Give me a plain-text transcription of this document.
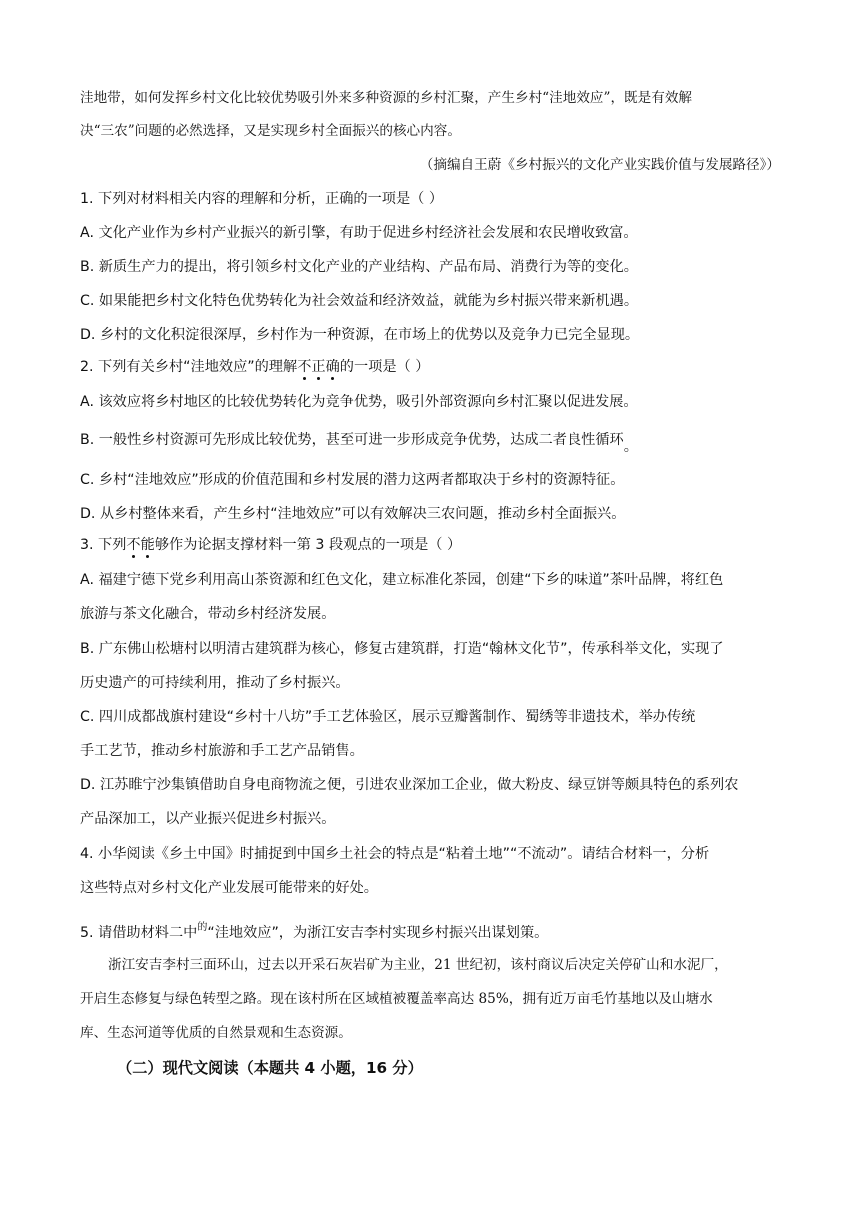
洼地带，如何发挥乡村文化比较优势吸引外来多种资源的乡村汇聚，产生乡村“洼地效应”，既是有效解
决“三农”问题的必然选择，又是实现乡村全面振兴的核心内容。
（摘编自王蔚《乡村振兴的文化产业实践价值与发展路径》）
1. 下列对材料相关内容的理解和分析，正确的一项是（ ）
A. 文化产业作为乡村产业振兴的新引擎，有助于促进乡村经济社会发展和农民增收致富。
B. 新质生产力的提出，将引领乡村文化产业的产业结构、产品布局、消费行为等的变化。
C. 如果能把乡村文化特色优势转化为社会效益和经济效益，就能为乡村振兴带来新机遇。
D. 乡村的文化积淀很深厚，乡村作为一种资源，在市场上的优势以及竞争力已完全显现。
2. 下列有关乡村“洼地效应”的理解不正确的一项是（ ）
A. 该效应将乡村地区的比较优势转化为竞争优势，吸引外部资源向乡村汇聚以促进发展。
B. 一般性乡村资源可先形成比较优势，甚至可进一步形成竞争优势，达成二者良性循环。
C. 乡村“洼地效应”形成的价值范围和乡村发展的潜力这两者都取决于乡村的资源特征。
D. 从乡村整体来看，产生乡村“洼地效应”可以有效解决三农问题，推动乡村全面振兴。
3. 下列不能够作为论据支撑材料一第 3 段观点的一项是（ ）
A. 福建宁德下党乡利用高山茶资源和红色文化，建立标准化茶园，创建“下乡的味道”茶叶品牌，将红色
旅游与茶文化融合，带动乡村经济发展。
B. 广东佛山松塘村以明清古建筑群为核心，修复古建筑群，打造“翰林文化节”，传承科举文化，实现了
历史遗产的可持续利用，推动了乡村振兴。
C. 四川成都战旗村建设“乡村十八坊”手工艺体验区，展示豆瓣酱制作、蜀绣等非遗技术，举办传统
手工艺节，推动乡村旅游和手工艺产品销售。
D. 江苏睢宁沙集镇借助自身电商物流之便，引进农业深加工企业，做大粉皮、绿豆饼等颇具特色的系列农
产品深加工，以产业振兴促进乡村振兴。
4. 小华阅读《乡土中国》时捕捉到中国乡土社会的特点是“粘着土地”“不流动”。请结合材料一，分析
这些特点对乡村文化产业发展可能带来的好处。
5. 请借助材料二中$^的$“洼地效应”，为浙江安吉李村实现乡村振兴出谋划策。
浙江安吉李村三面环山，过去以开采石灰岩矿为主业，21 世纪初，该村商议后决定关停矿山和水泥厂，
开启生态修复与绿色转型之路。现在该村所在区域植被覆盖率高达 85%，拥有近万亩毛竹基地以及山塘水
库、生态河道等优质的自然景观和生态资源。
（二）现代文阅读（本题共 4 小题，16 分）
